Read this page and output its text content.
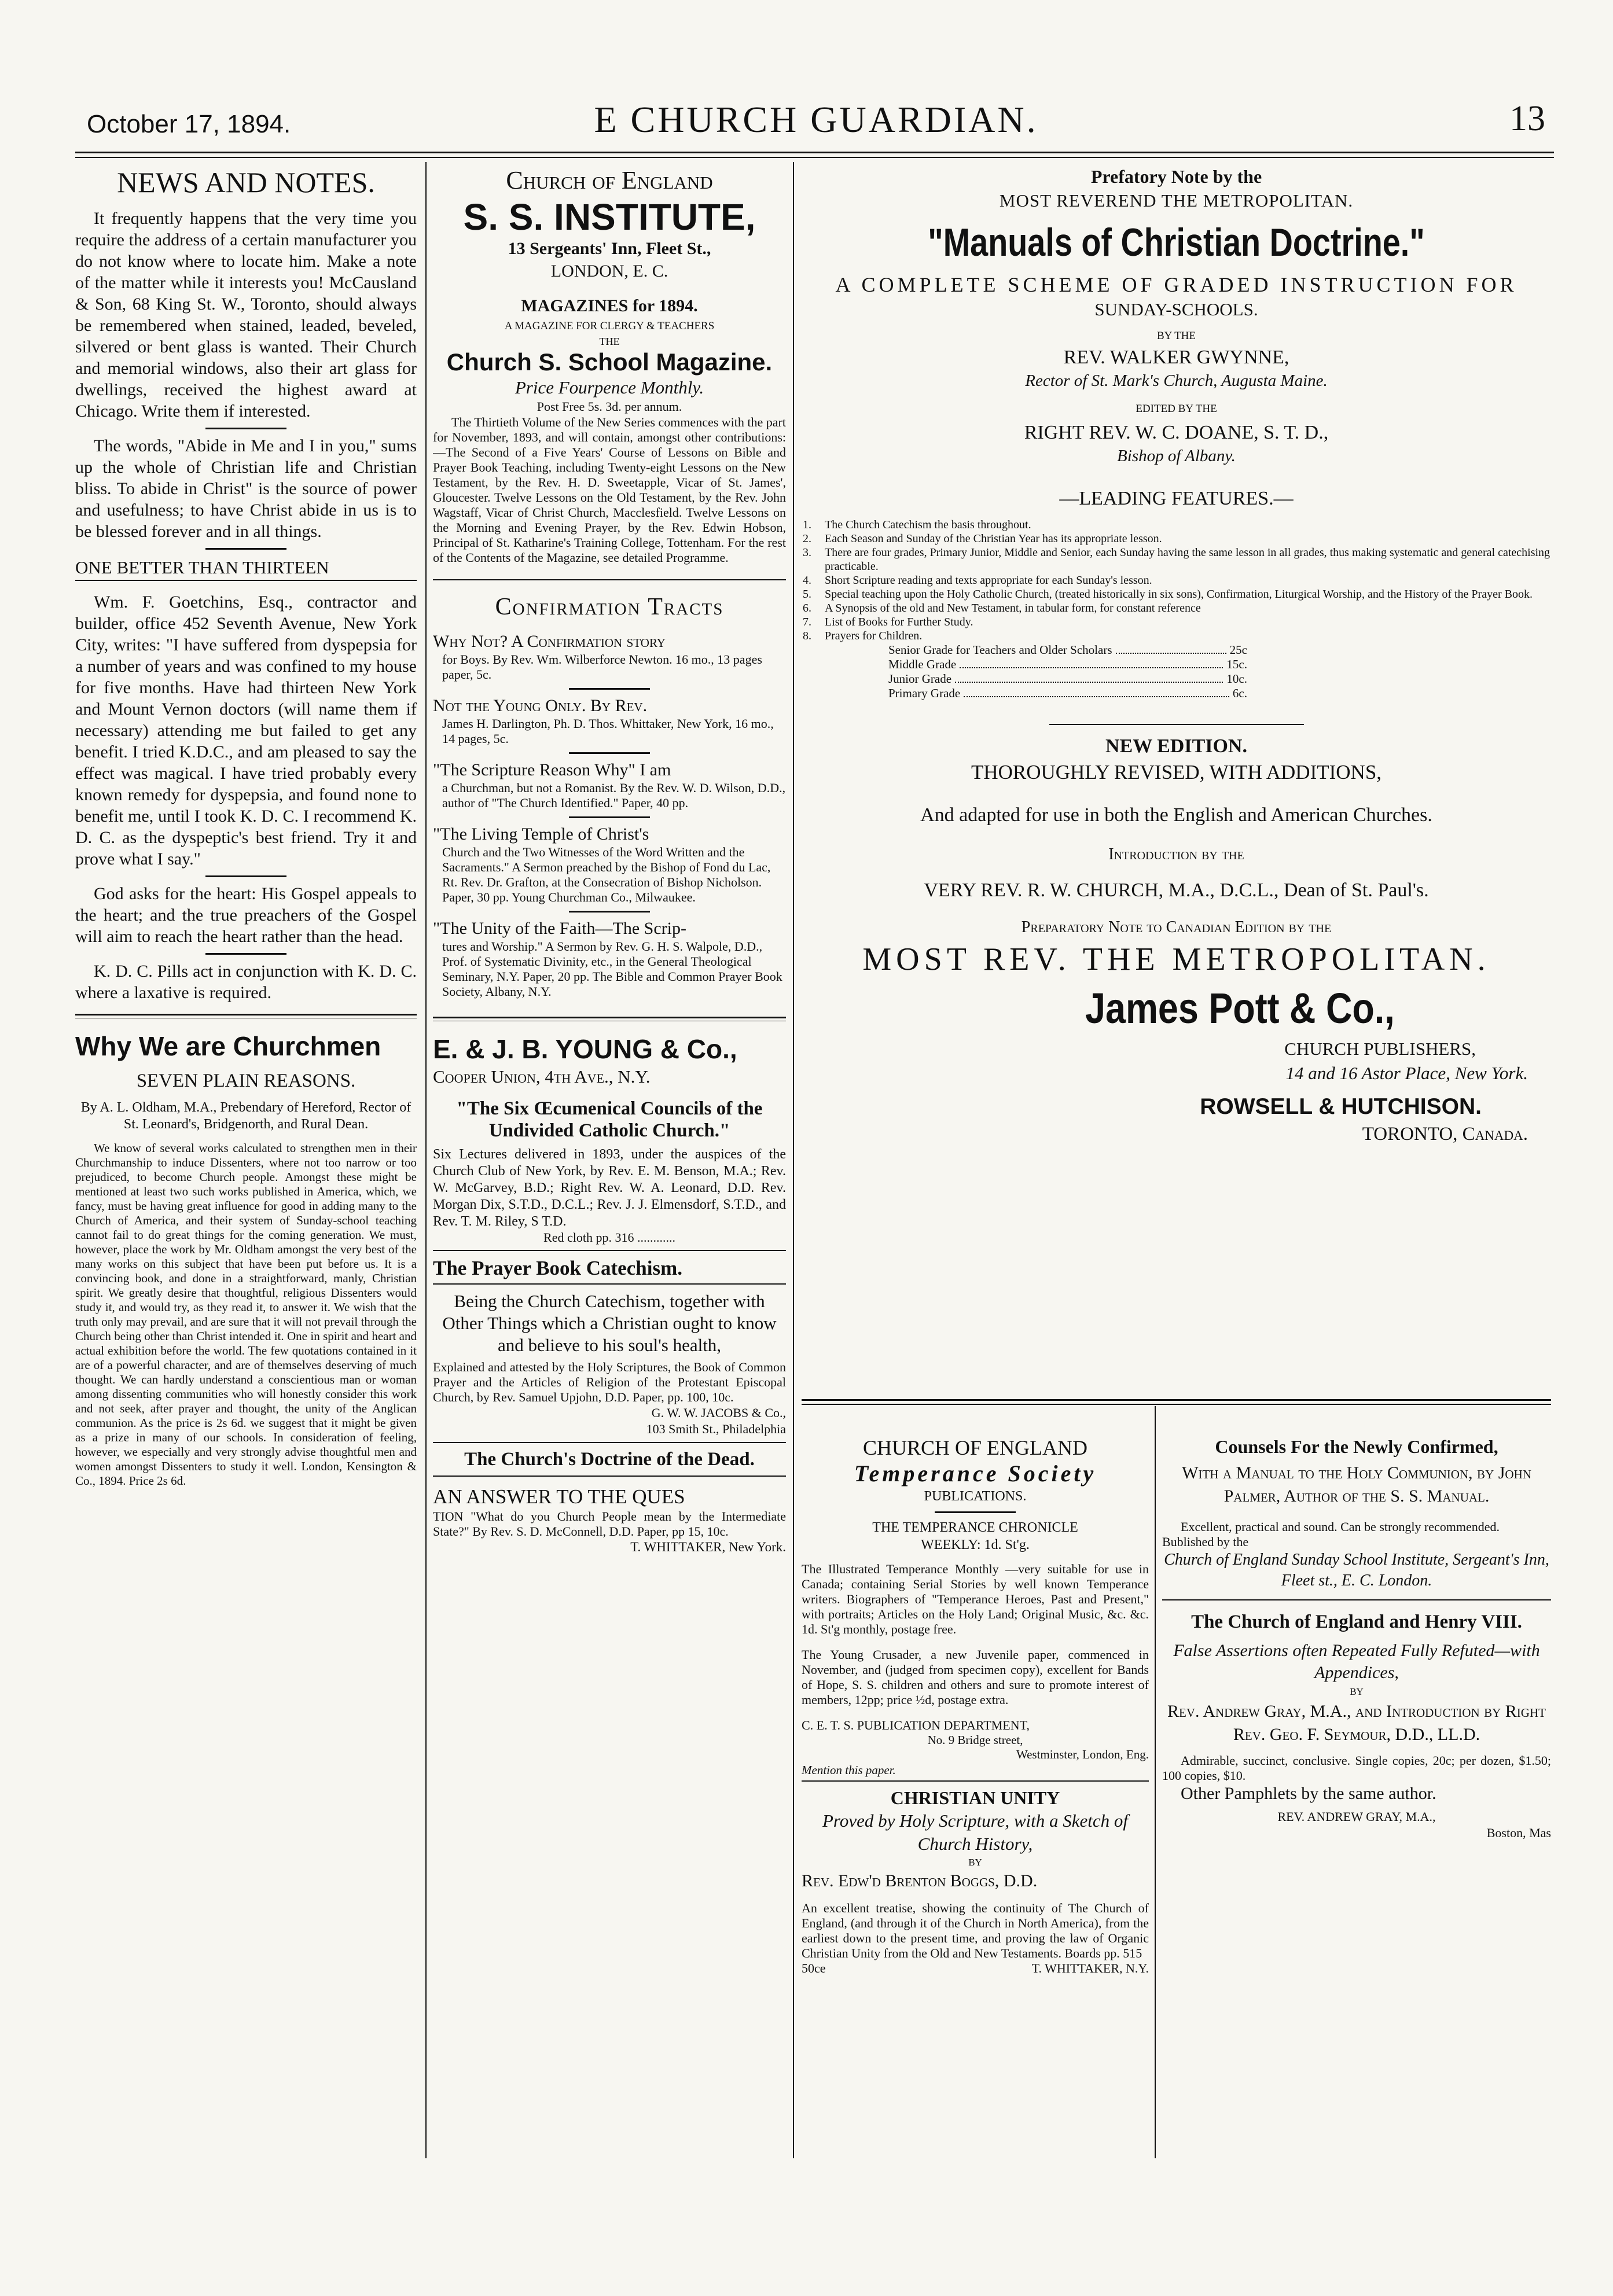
October 17, 1894.	E CHURCH GUARDIAN.	13
NEWS AND NOTES.

It frequently happens that the very time you require the address of a certain manufacturer you do not know where to locate him. Make a note of the matter while it interests you! McCausland & Son, 68 King St. W., Toronto, should always be remembered when stained, leaded, beveled, silvered or bent glass is wanted. Their Church and memorial windows, also their art glass for dwellings, received the highest award at Chicago. Write them if interested.

The words, "Abide in Me and I in you," sums up the whole of Christian life and Christian bliss. To abide in Christ" is the source of power and usefulness; to have Christ abide in us is to be blessed forever and in all things.

ONE BETTER THAN THIRTEEN

Wm. F. Goetchins, Esq., contractor and builder, office 452 Seventh Avenue, New York City, writes: "I have suffered from dyspepsia for a number of years and was confined to my house for five months. Have had thirteen New York and Mount Vernon doctors (will name them if necessary) attending me but failed to get any benefit. I tried K.D.C., and am pleased to say the effect was magical. I have tried probably every known remedy for dyspepsia, and found none to benefit me, until I took K. D. C. I recommend K. D. C. as the dyspeptic's best friend. Try it and prove what I say."

God asks for the heart: His Gospel appeals to the heart; and the true preachers of the Gospel will aim to reach the heart rather than the head.

K. D. C. Pills act in conjunction with K. D. C. where a laxative is required.

Why We are Churchmen
SEVEN PLAIN REASONS.

By A. L. Oldham, M.A., Prebendary of Hereford, Rector of St. Leonard's, Bridgenorth, and Rural Dean.

We know of several works calculated to strengthen men in their Churchmanship to induce Dissenters, where not too narrow or too prejudiced, to become Church people. Amongst these might be mentioned at least two such works published in America, which, we fancy, must be having great influence for good in adding many to the Church of America, and their system of Sunday-school teaching cannot fail to do great things for the coming generation. We must, however, place the work by Mr. Oldham amongst the very best of the many works on this subject that have been put before us. It is a convincing book, and done in a straightforward, manly, Christian spirit. We greatly desire that thoughtful, religious Dissenters would study it, and would try, as they read it, to answer it. We wish that the truth only may prevail, and are sure that it will not prevail through the Church being other than Christ intended it. One in spirit and heart and actual exhibition before the world. The few quotations contained in it are of a powerful character, and are of themselves deserving of much thought. We can hardly understand a conscientious man or woman among dissenting communities who will honestly consider this work and not seek, after prayer and thought, the unity of the Anglican communion. As the price is 2s 6d. we suggest that it might be given as a prize in many of our schools. In consideration of feeling, however, we especially and very strongly advise thoughtful men and women amongst Dissenters to study it well. London, Kensington & Co., 1894. Price 2s 6d.

Church of England
S. S. INSTITUTE,
13 Sergeants' Inn, Fleet St.,
LONDON, E. C.
MAGAZINES for 1894.
A MAGAZINE FOR CLERGY & TEACHERS
THE
Church S. School Magazine.
Price Fourpence Monthly.
Post Free 5s. 3d. per annum.

The Thirtieth Volume of the New Series commences with the part for November, 1893, and will contain, amongst other contributions:—The Second of a Five Years' Course of Lessons on Bible and Prayer Book Teaching, including Twenty-eight Lessons on the New Testament, by the Rev. H. D. Sweetapple, Vicar of St. James', Gloucester. Twelve Lessons on the Old Testament, by the Rev. John Wagstaff, Vicar of Christ Church, Macclesfield. Twelve Lessons on the Morning and Evening Prayer, by the Rev. Edwin Hobson, Principal of St. Katharine's Training College, Tottenham. For the rest of the Contents of the Magazine, see detailed Programme.

Confirmation Tracts
Why Not? A Confirmation story

for Boys. By Rev. Wm. Wilberforce Newton. 16 mo., 13 pages paper, 5c.

Not the Young Only. By Rev.

James H. Darlington, Ph. D. Thos. Whittaker, New York, 16 mo., 14 pages, 5c.

"The Scripture Reason Why" I am

a Churchman, but not a Romanist. By the Rev. W. D. Wilson, D.D., author of "The Church Identified." Paper, 40 pp.

"The Living Temple of Christ's

Church and the Two Witnesses of the Word Written and the Sacraments." A Sermon preached by the Bishop of Fond du Lac, Rt. Rev. Dr. Grafton, at the Consecration of Bishop Nicholson. Paper, 30 pp. Young Churchman Co., Milwaukee.

"The Unity of the Faith—The Scrip-

tures and Worship." A Sermon by Rev. G. H. S. Walpole, D.D., Prof. of Systematic Divinity, etc., in the General Theological Seminary, N.Y. Paper, 20 pp. The Bible and Common Prayer Book Society, Albany, N.Y.

E. & J. B. YOUNG & Co.,
Cooper Union, 4th Ave., N.Y.

"The Six Œcumenical Councils of the Undivided Catholic Church."

Six Lectures delivered in 1893, under the auspices of the Church Club of New York, by Rev. E. M. Benson, M.A.; Rev. W. McGarvey, B.D.; Right Rev. W. A. Leonard, D.D. Rev. Morgan Dix, S.T.D., D.C.L.; Rev. J. J. Elmensdorf, S.T.D., and Rev. T. M. Riley, S T.D.

Red cloth pp. 316 ............

The Prayer Book Catechism.

Being the Church Catechism, together with Other Things which a Christian ought to know and believe to his soul's health,

Explained and attested by the Holy Scriptures, the Book of Common Prayer and the Articles of Religion of the Protestant Episcopal Church, by Rev. Samuel Upjohn, D.D. Paper, pp. 100, 10c.

G. W. W. JACOBS & Co.,
103 Smith St., Philadelphia

The Church's Doctrine of the Dead.

AN ANSWER TO THE QUES

TION "What do you Church People mean by the Intermediate State?" By Rev. S. D. McConnell, D.D. Paper, pp 15, 10c.

T. WHITTAKER, New York.
Prefatory Note by the
MOST REVEREND THE METROPOLITAN.
"Manuals of Christian Doctrine."
A COMPLETE SCHEME OF GRADED INSTRUCTION FOR
SUNDAY-SCHOOLS.
BY THE
REV. WALKER GWYNNE,
Rector of St. Mark's Church, Augusta Maine.
EDITED BY THE
RIGHT REV. W. C. DOANE, S. T. D.,
Bishop of Albany.
—LEADING FEATURES.—
1. The Church Catechism the basis throughout.
2. Each Season and Sunday of the Christian Year has its appropriate lesson.
3. There are four grades, Primary Junior, Middle and Senior, each Sunday having the same lesson in all grades, thus making systematic and general catechising practicable.
4. Short Scripture reading and texts appropriate for each Sunday's lesson.
5. Special teaching upon the Holy Catholic Church, (treated historically in six sons), Confirmation, Liturgical Worship, and the History of the Prayer Book.
6. A Synopsis of the old and New Testament, in tabular form, for constant reference
7. List of Books for Further Study.
8. Prayers for Children.
Senior Grade for Teachers and Older Scholars	25c
Middle Grade	15c.
Junior Grade	10c.
Primary Grade	6c.
NEW EDITION.
THOROUGHLY REVISED, WITH ADDITIONS,
And adapted for use in both the English and American Churches.
Introduction by the
VERY REV. R. W. CHURCH, M.A., D.C.L., Dean of St. Paul's.
Preparatory Note to Canadian Edition by the
MOST REV. THE METROPOLITAN.
James Pott & Co.,
CHURCH PUBLISHERS,
14 and 16 Astor Place, New York.
ROWSELL & HUTCHISON.
TORONTO, Canada.
CHURCH OF ENGLAND
Temperance Society
PUBLICATIONS.
THE TEMPERANCE CHRONICLE
WEEKLY: 1d. St'g.

The Illustrated Temperance Monthly —very suitable for use in Canada; containing Serial Stories by well known Temperance writers. Biographers of "Temperance Heroes, Past and Present," with portraits; Articles on the Holy Land; Original Music, &c. &c. 1d. St'g monthly, postage free.

The Young Crusader, a new Juvenile paper, commenced in November, and (judged from specimen copy), excellent for Bands of Hope, S. S. children and others and sure to promote interest of members, 12pp; price ½d, postage extra.

C. E. T. S. PUBLICATION DEPARTMENT,
No. 9 Bridge street,
Westminster, London, Eng.
Mention this paper.
CHRISTIAN UNITY

Proved by Holy Scripture, with a Sketch of Church History,

BY
Rev. Edw'd Brenton Boggs, D.D.

An excellent treatise, showing the continuity of The Church of England, (and through it of the Church in North America), from the earliest down to the present time, and proving the law of Organic Christian Unity from the Old and New Testaments. Boards pp. 515

50ce	T. WHITTAKER, N.Y.

Counsels For the Newly Confirmed,

With a Manual to the Holy Communion, by John Palmer, Author of the S. S. Manual.

Excellent, practical and sound. Can be strongly recommended.

Bublished by the

Church of England Sunday School Institute, Sergeant's Inn, Fleet st., E. C. London.

The Church of England and Henry VIII.

False Assertions often Repeated Fully Refuted—with Appendices,

BY

Rev. Andrew Gray, M.A., and Introduction by Right Rev. Geo. F. Seymour, D.D., LL.D.

Admirable, succinct, conclusive. Single copies, 20c; per dozen, $1.50; 100 copies, $10.

Other Pamphlets by the same author.

REV. ANDREW GRAY, M.A.,
Boston, Mas
